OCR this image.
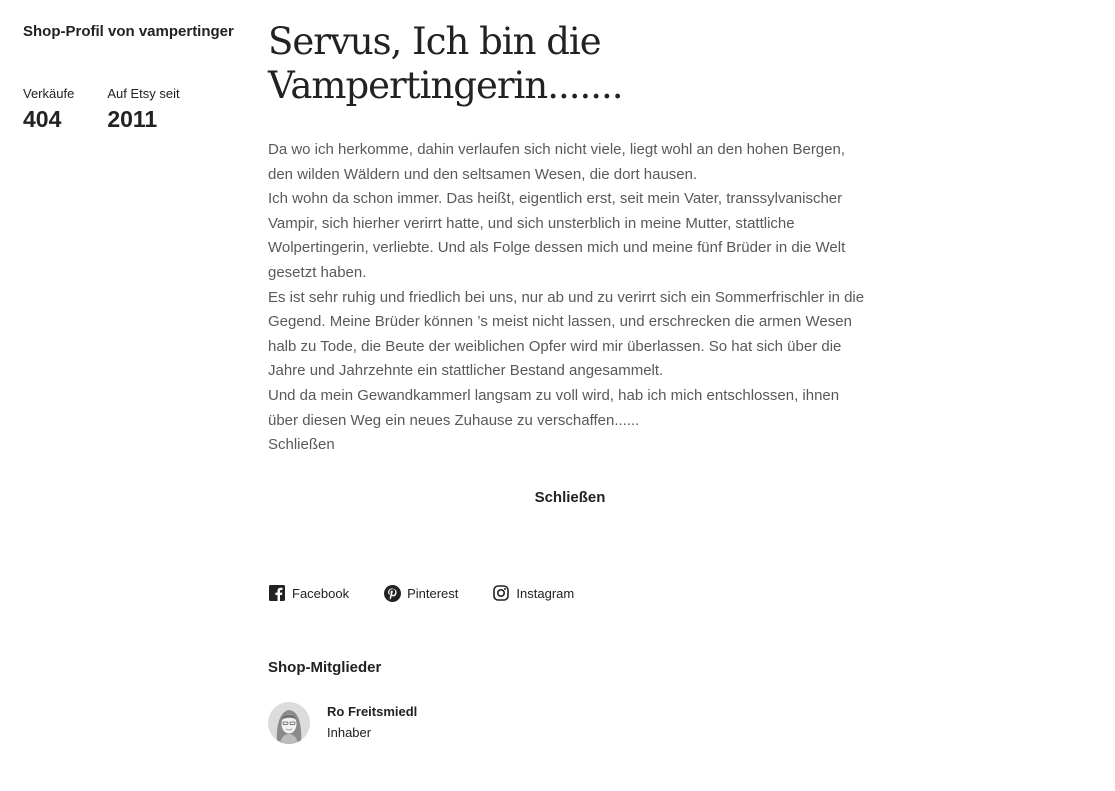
Shop-Profil von vampertinger
Verkäufe
404
Auf Etsy seit
2011
Servus, Ich bin die
Vampertingerin.......

Da wo ich herkomme, dahin verlaufen sich nicht viele, liegt wohl an den hohen Bergen, den wilden Wäldern und den seltsamen Wesen, die dort hausen.

Ich wohn da schon immer. Das heißt, eigentlich erst, seit mein Vater, transsylvanischer Vampir, sich hierher verirrt hatte, und sich unsterblich in meine Mutter, stattliche Wolpertingerin, verliebte. Und als Folge dessen mich und meine fünf Brüder in die Welt gesetzt haben.

Es ist sehr ruhig und friedlich bei uns, nur ab und zu verirrt sich ein Sommerfrischler in die Gegend. Meine Brüder können ’s meist nicht lassen, und erschrecken die armen Wesen halb zu Tode, die Beute der weiblichen Opfer wird mir überlassen. So hat sich über die Jahre und Jahrzehnte ein stattlicher Bestand angesammelt.

Und da mein Gewandkammerl langsam zu voll wird, hab ich mich entschlossen, ihnen über diesen Weg ein neues Zuhause zu verschaffen......

Schließen
Schließen
Facebook	Pinterest	Instagram
Shop-Mitglieder
Ro Freitsmiedl
Inhaber
